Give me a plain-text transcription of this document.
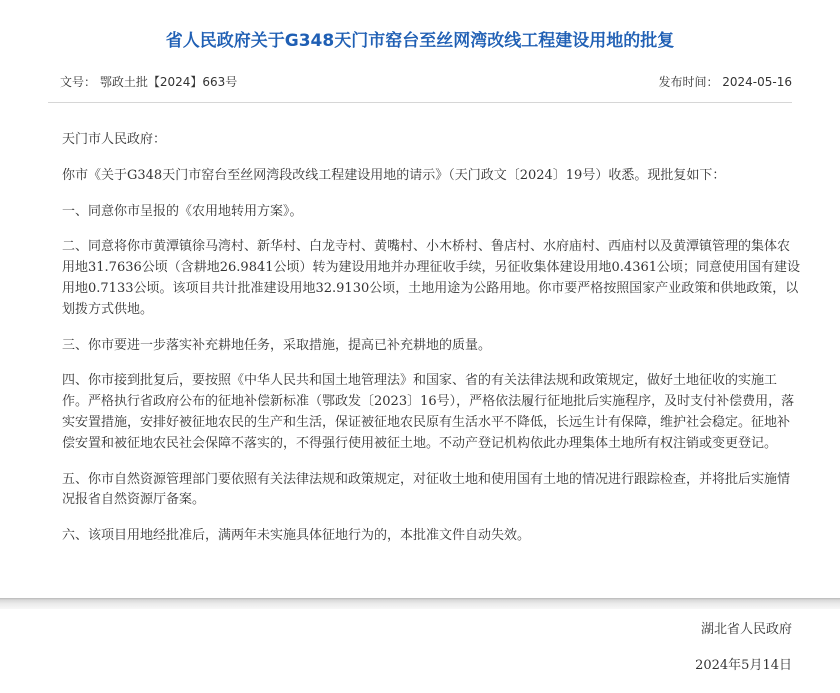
省人民政府关于G348天门市窑台至丝网湾改线工程建设用地的批复
文号： 鄂政土批【2024】663号	发布时间： 2024-05-16

天门市人民政府：

你市《关于G348天门市窑台至丝网湾段改线工程建设用地的请示》（天门政文〔2024〕19号）收悉。现批复如下：

一、同意你市呈报的《农用地转用方案》。

二、同意将你市黄潭镇徐马湾村、新华村、白龙寺村、黄嘴村、小木桥村、鲁店村、水府庙村、西庙村以及黄潭镇管理的集体农用地31.7636公顷（含耕地26.9841公顷）转为建设用地并办理征收手续，另征收集体建设用地0.4361公顷；同意使用国有建设用地0.7133公顷。该项目共计批准建设用地32.9130公顷，土地用途为公路用地。你市要严格按照国家产业政策和供地政策，以划拨方式供地。

三、你市要进一步落实补充耕地任务，采取措施，提高已补充耕地的质量。

四、你市接到批复后，要按照《中华人民共和国土地管理法》和国家、省的有关法律法规和政策规定，做好土地征收的实施工作。严格执行省政府公布的征地补偿新标准（鄂政发〔2023〕16号），严格依法履行征地批后实施程序，及时支付补偿费用，落实安置措施，安排好被征地农民的生产和生活，保证被征地农民原有生活水平不降低，长远生计有保障，维护社会稳定。征地补偿安置和被征地农民社会保障不落实的，不得强行使用被征土地。不动产登记机构依此办理集体土地所有权注销或变更登记。

五、你市自然资源管理部门要依照有关法律法规和政策规定，对征收土地和使用国有土地的情况进行跟踪检查，并将批后实施情况报省自然资源厅备案。

六、该项目用地经批准后，满两年未实施具体征地行为的，本批准文件自动失效。

湖北省人民政府
2024年5月14日
